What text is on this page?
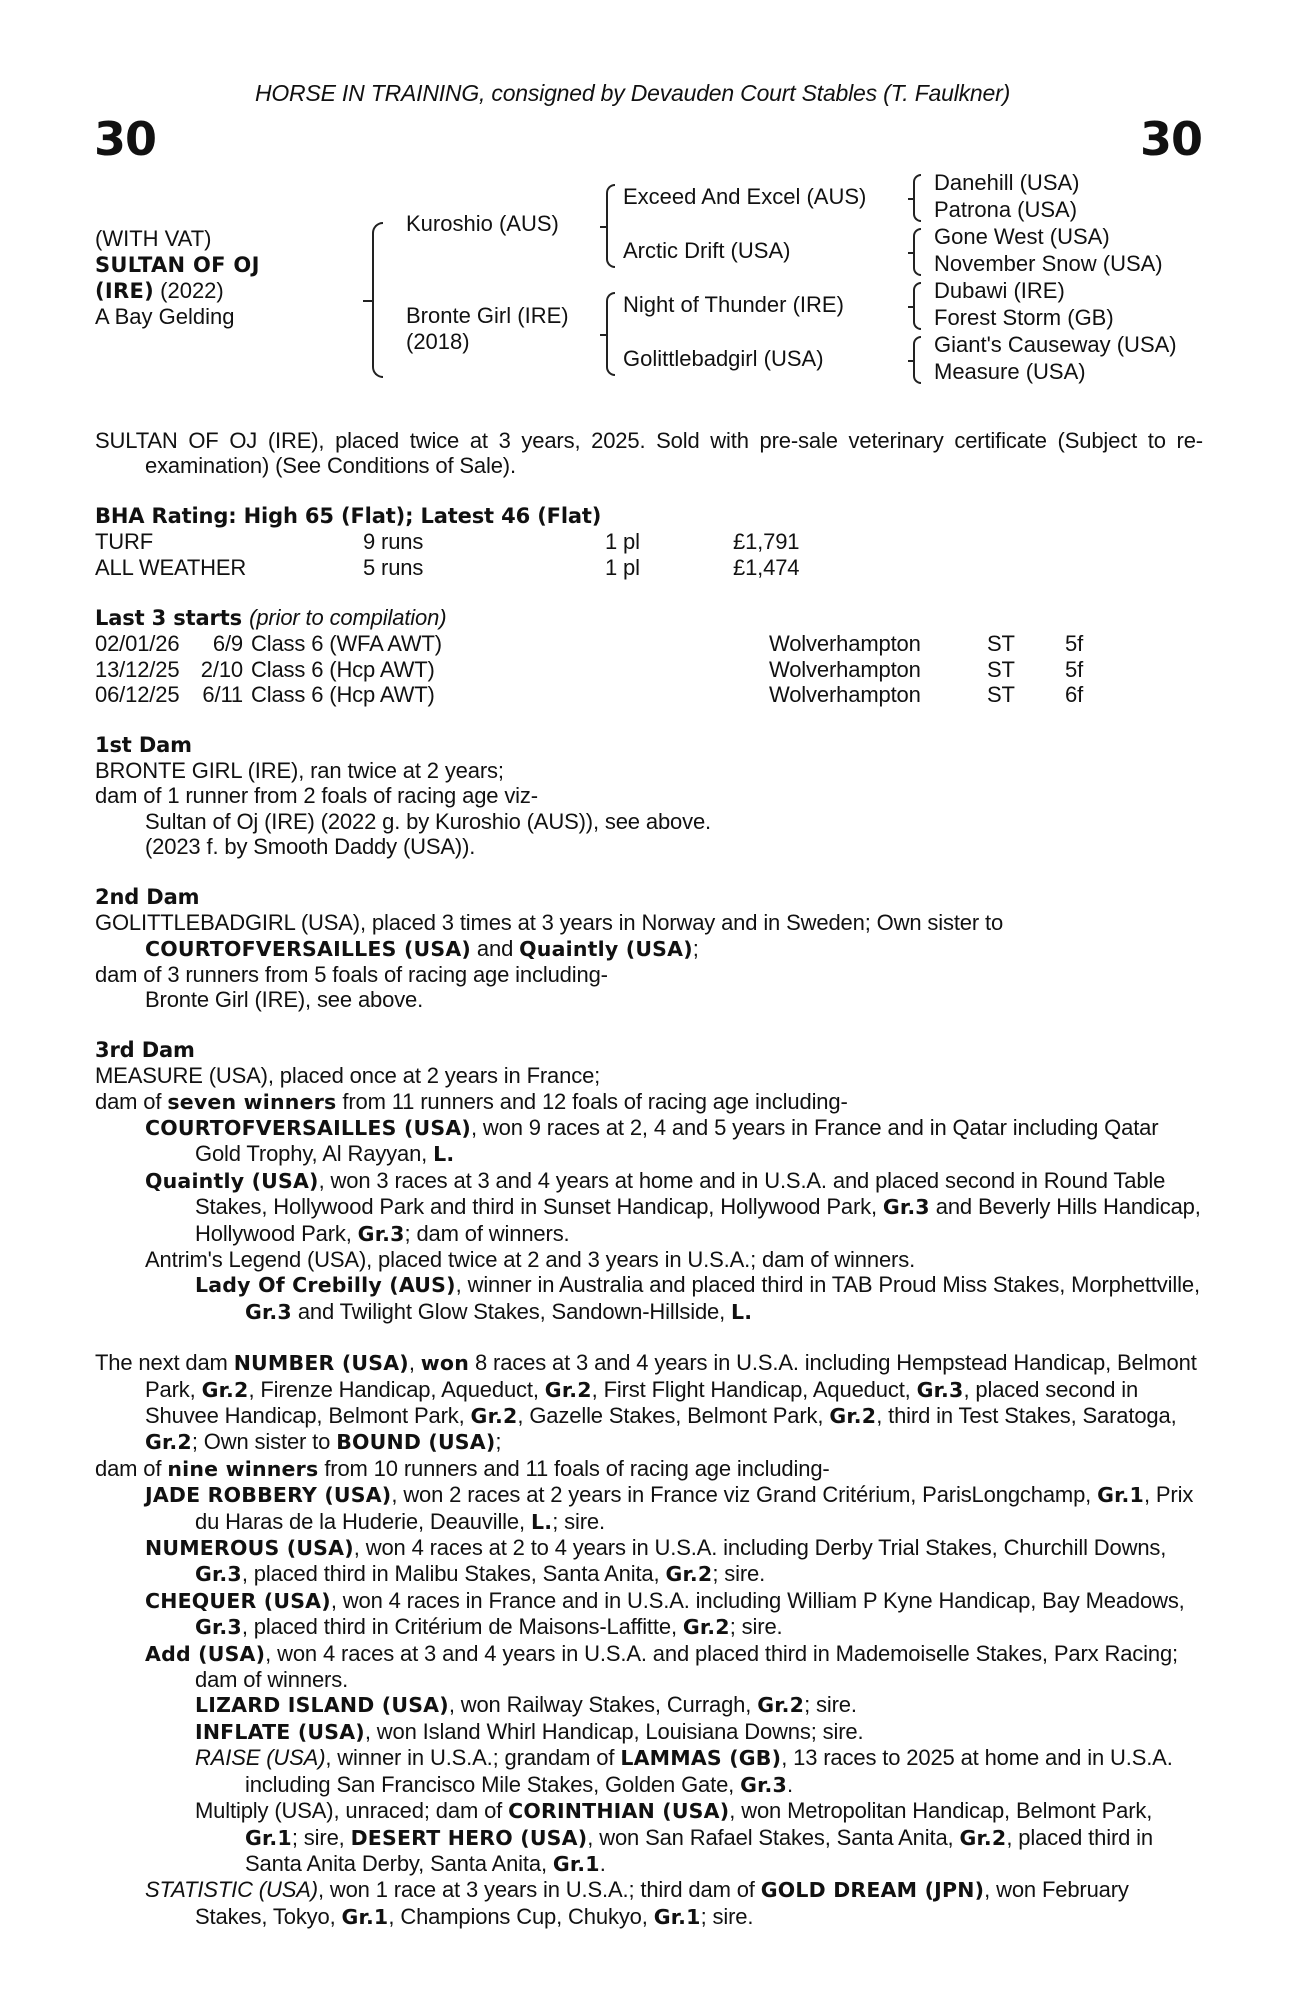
HORSE IN TRAINING, consigned by Devauden Court Stables (T. Faulkner)
30	30
(WITH VAT)
SULTAN OF OJ
(IRE) (2022)
A Bay Gelding
Kuroshio (AUS)
Bronte Girl (IRE)
(2018)
Exceed And Excel (AUS)
Arctic Drift (USA)
Night of Thunder (IRE)
Golittlebadgirl (USA)
Danehill (USA)
Patrona (USA)
Gone West (USA)
November Snow (USA)
Dubawi (IRE)
Forest Storm (GB)
Giant's Causeway (USA)
Measure (USA)

SULTAN OF OJ (IRE), placed twice at 3 years, 2025. Sold with pre-sale veterinary certificate (Subject to re-examination) (See Conditions of Sale).

BHA Rating: High 65 (Flat); Latest 46 (Flat)

TURF	9 runs	1 pl	£1,791
ALL WEATHER	5 runs	1 pl	£1,474

Last 3 starts (prior to compilation)

02/01/26	6/9	Class 6 (WFA AWT)	Wolverhampton	ST	5f
13/12/25	2/10	Class 6 (Hcp AWT)	Wolverhampton	ST	5f
06/12/25	6/11	Class 6 (Hcp AWT)	Wolverhampton	ST	6f

1st Dam

BRONTE GIRL (IRE), ran twice at 2 years;

dam of 1 runner from 2 foals of racing age viz-

Sultan of Oj (IRE) (2022 g. by Kuroshio (AUS)), see above.

(2023 f. by Smooth Daddy (USA)).

2nd Dam

GOLITTLEBADGIRL (USA), placed 3 times at 3 years in Norway and in Sweden; Own sister to COURTOFVERSAILLES (USA) and Quaintly (USA);

dam of 3 runners from 5 foals of racing age including-

Bronte Girl (IRE), see above.

3rd Dam

MEASURE (USA), placed once at 2 years in France;

dam of seven winners from 11 runners and 12 foals of racing age including-

COURTOFVERSAILLES (USA), won 9 races at 2, 4 and 5 years in France and in Qatar including Qatar Gold Trophy, Al Rayyan, L.

Quaintly (USA), won 3 races at 3 and 4 years at home and in U.S.A. and placed second in Round Table Stakes, Hollywood Park and third in Sunset Handicap, Hollywood Park, Gr.3 and Beverly Hills Handicap, Hollywood Park, Gr.3; dam of winners.

Antrim's Legend (USA), placed twice at 2 and 3 years in U.S.A.; dam of winners.

Lady Of Crebilly (AUS), winner in Australia and placed third in TAB Proud Miss Stakes, Morphettville, Gr.3 and Twilight Glow Stakes, Sandown-Hillside, L.

The next dam NUMBER (USA), won 8 races at 3 and 4 years in U.S.A. including Hempstead Handicap, Belmont Park, Gr.2, Firenze Handicap, Aqueduct, Gr.2, First Flight Handicap, Aqueduct, Gr.3, placed second in Shuvee Handicap, Belmont Park, Gr.2, Gazelle Stakes, Belmont Park, Gr.2, third in Test Stakes, Saratoga, Gr.2; Own sister to BOUND (USA);

dam of nine winners from 10 runners and 11 foals of racing age including-

JADE ROBBERY (USA), won 2 races at 2 years in France viz Grand Critérium, ParisLongchamp, Gr.1, Prix du Haras de la Huderie, Deauville, L.; sire.

NUMEROUS (USA), won 4 races at 2 to 4 years in U.S.A. including Derby Trial Stakes, Churchill Downs, Gr.3, placed third in Malibu Stakes, Santa Anita, Gr.2; sire.

CHEQUER (USA), won 4 races in France and in U.S.A. including William P Kyne Handicap, Bay Meadows, Gr.3, placed third in Critérium de Maisons-Laffitte, Gr.2; sire.

Add (USA), won 4 races at 3 and 4 years in U.S.A. and placed third in Mademoiselle Stakes, Parx Racing; dam of winners.

LIZARD ISLAND (USA), won Railway Stakes, Curragh, Gr.2; sire.

INFLATE (USA), won Island Whirl Handicap, Louisiana Downs; sire.

RAISE (USA), winner in U.S.A.; grandam of LAMMAS (GB), 13 races to 2025 at home and in U.S.A. including San Francisco Mile Stakes, Golden Gate, Gr.3.

Multiply (USA), unraced; dam of CORINTHIAN (USA), won Metropolitan Handicap, Belmont Park, Gr.1; sire, DESERT HERO (USA), won San Rafael Stakes, Santa Anita, Gr.2, placed third in Santa Anita Derby, Santa Anita, Gr.1.

STATISTIC (USA), won 1 race at 3 years in U.S.A.; third dam of GOLD DREAM (JPN), won February Stakes, Tokyo, Gr.1, Champions Cup, Chukyo, Gr.1; sire.
